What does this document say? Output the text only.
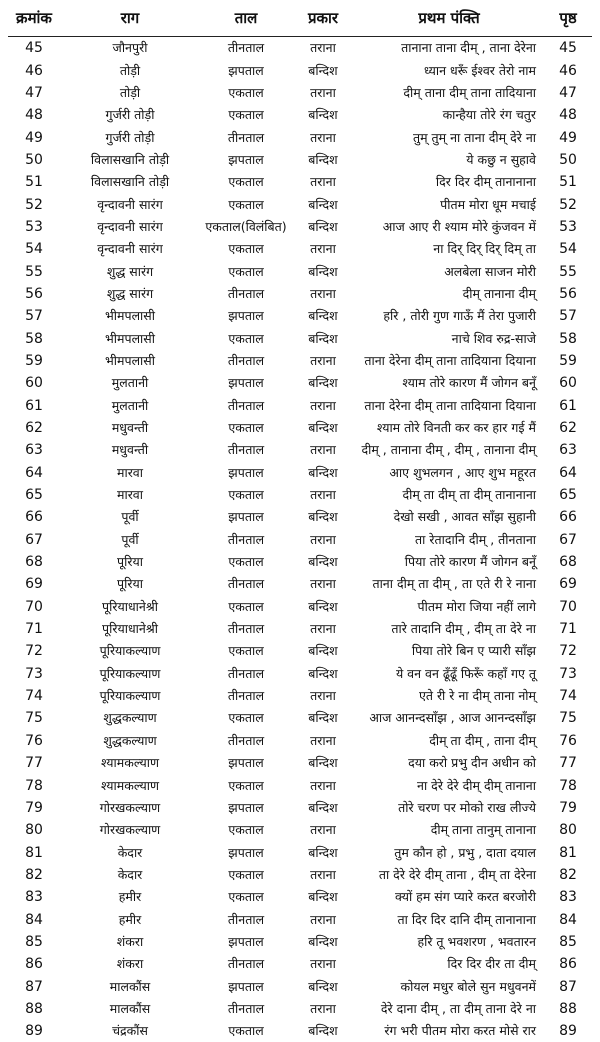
क्रमांक	राग	ताल	प्रकार	प्रथम पंक्ति	पृष्ठ
45	जौनपुरी	तीनताल	तराना	तानाना ताना दीम् , ताना देरेना	45
46	तोड़ी	झपताल	बन्दिश	ध्यान धरूँ ईश्वर तेरो नाम	46
47	तोड़ी	एकताल	तराना	दीम् ताना दीम् ताना तादियाना	47
48	गुर्जरी तोड़ी	एकताल	बन्दिश	कान्हैया तोरे रंग चतुर	48
49	गुर्जरी तोड़ी	तीनताल	तराना	तुम् तुम् ना ताना दीम् देरे ना	49
50	विलासखानि तोड़ी	झपताल	बन्दिश	ये कछु न सुहावे	50
51	विलासखानि तोड़ी	एकताल	तराना	दिर दिर दीम् तानानाना	51
52	वृन्दावनी सारंग	एकताल	बन्दिश	पीतम मोरा धूम मचाई	52
53	वृन्दावनी सारंग	एकताल(विलंबित)	बन्दिश	आज आए री श्याम मोरे कुंजवन में	53
54	वृन्दावनी सारंग	एकताल	तराना	ना दिर् दिर् दिर् दिम् ता	54
55	शुद्ध सारंग	एकताल	बन्दिश	अलबेला साजन मोरी	55
56	शुद्ध सारंग	तीनताल	तराना	दीम् तानाना दीम्	56
57	भीमपलासी	झपताल	बन्दिश	हरि , तोरी गुण गाऊँ मैं तेरा पुजारी	57
58	भीमपलासी	एकताल	बन्दिश	नाचे शिव रुद्र-साजे	58
59	भीमपलासी	तीनताल	तराना	ताना देरेना दीम् ताना तादियाना दियाना	59
60	मुलतानी	झपताल	बन्दिश	श्याम तोरे कारण मैं जोगन बनूँ	60
61	मुलतानी	तीनताल	तराना	ताना देरेना दीम् ताना तादियाना दियाना	61
62	मधुवन्ती	एकताल	बन्दिश	श्याम तोरे विनती कर कर हार गई मैं	62
63	मधुवन्ती	तीनताल	तराना	दीम् , तानाना दीम् , दीम् , तानाना दीम्	63
64	मारवा	झपताल	बन्दिश	आए शुभलगन , आए शुभ महूरत	64
65	मारवा	एकताल	तराना	दीम् ता दीम् ता दीम् तानानाना	65
66	पूर्वी	झपताल	बन्दिश	देखो सखी , आवत साँझ सुहानी	66
67	पूर्वी	तीनताल	तराना	ता रेतादानि दीम् , तीनताना	67
68	पूरिया	एकताल	बन्दिश	पिया तोरे कारण मैं जोगन बनूँ	68
69	पूरिया	तीनताल	तराना	ताना दीम् ता दीम् , ता एते री रे नाना	69
70	पूरियाधानेश्री	एकताल	बन्दिश	पीतम मोरा जिया नहीं लागे	70
71	पूरियाधानेश्री	तीनताल	तराना	तारे तादानि दीम् , दीम् ता देरे ना	71
72	पूरियाकल्याण	एकताल	बन्दिश	पिया तोरे बिन ए प्यारी साँझ	72
73	पूरियाकल्याण	तीनताल	बन्दिश	ये वन वन ढूँढूँ फिरूँ कहाँ गए तू	73
74	पूरियाकल्याण	तीनताल	तराना	एते री रे ना दीम् ताना नोम्	74
75	शुद्धकल्याण	एकताल	बन्दिश	आज आनन्दसाँझ , आज आनन्दसाँझ	75
76	शुद्धकल्याण	तीनताल	तराना	दीम् ता दीम् , ताना दीम्	76
77	श्यामकल्याण	झपताल	बन्दिश	दया करो प्रभु दीन अधीन को	77
78	श्यामकल्याण	एकताल	तराना	ना देरे देरे दीम् दीम् तानाना	78
79	गोरखकल्याण	झपताल	बन्दिश	तोरे चरण पर मोको राख लीज्ये	79
80	गोरखकल्याण	एकताल	तराना	दीम् ताना तानुम् तानाना	80
81	केदार	झपताल	बन्दिश	तुम कौन हो , प्रभु , दाता दयाल	81
82	केदार	एकताल	तराना	ता देरे देरे दीम् ताना , दीम् ता देरेना	82
83	हमीर	एकताल	बन्दिश	क्यों हम संग प्यारे करत बरजोरी	83
84	हमीर	तीनताल	तराना	ता दिर दिर दानि दीम् तानानाना	84
85	शंकरा	झपताल	बन्दिश	हरि तू भवशरण , भवतारन	85
86	शंकरा	तीनताल	तराना	दिर दिर दीर ता दीम्	86
87	मालकौंस	झपताल	बन्दिश	कोयल मधुर बोले सुन मधुवनमें	87
88	मालकौंस	तीनताल	तराना	देरे दाना दीम् , ता दीम् ताना देरे ना	88
89	चंद्रकौंस	एकताल	बन्दिश	रंग भरी पीतम मोरा करत मोसे रार	89
